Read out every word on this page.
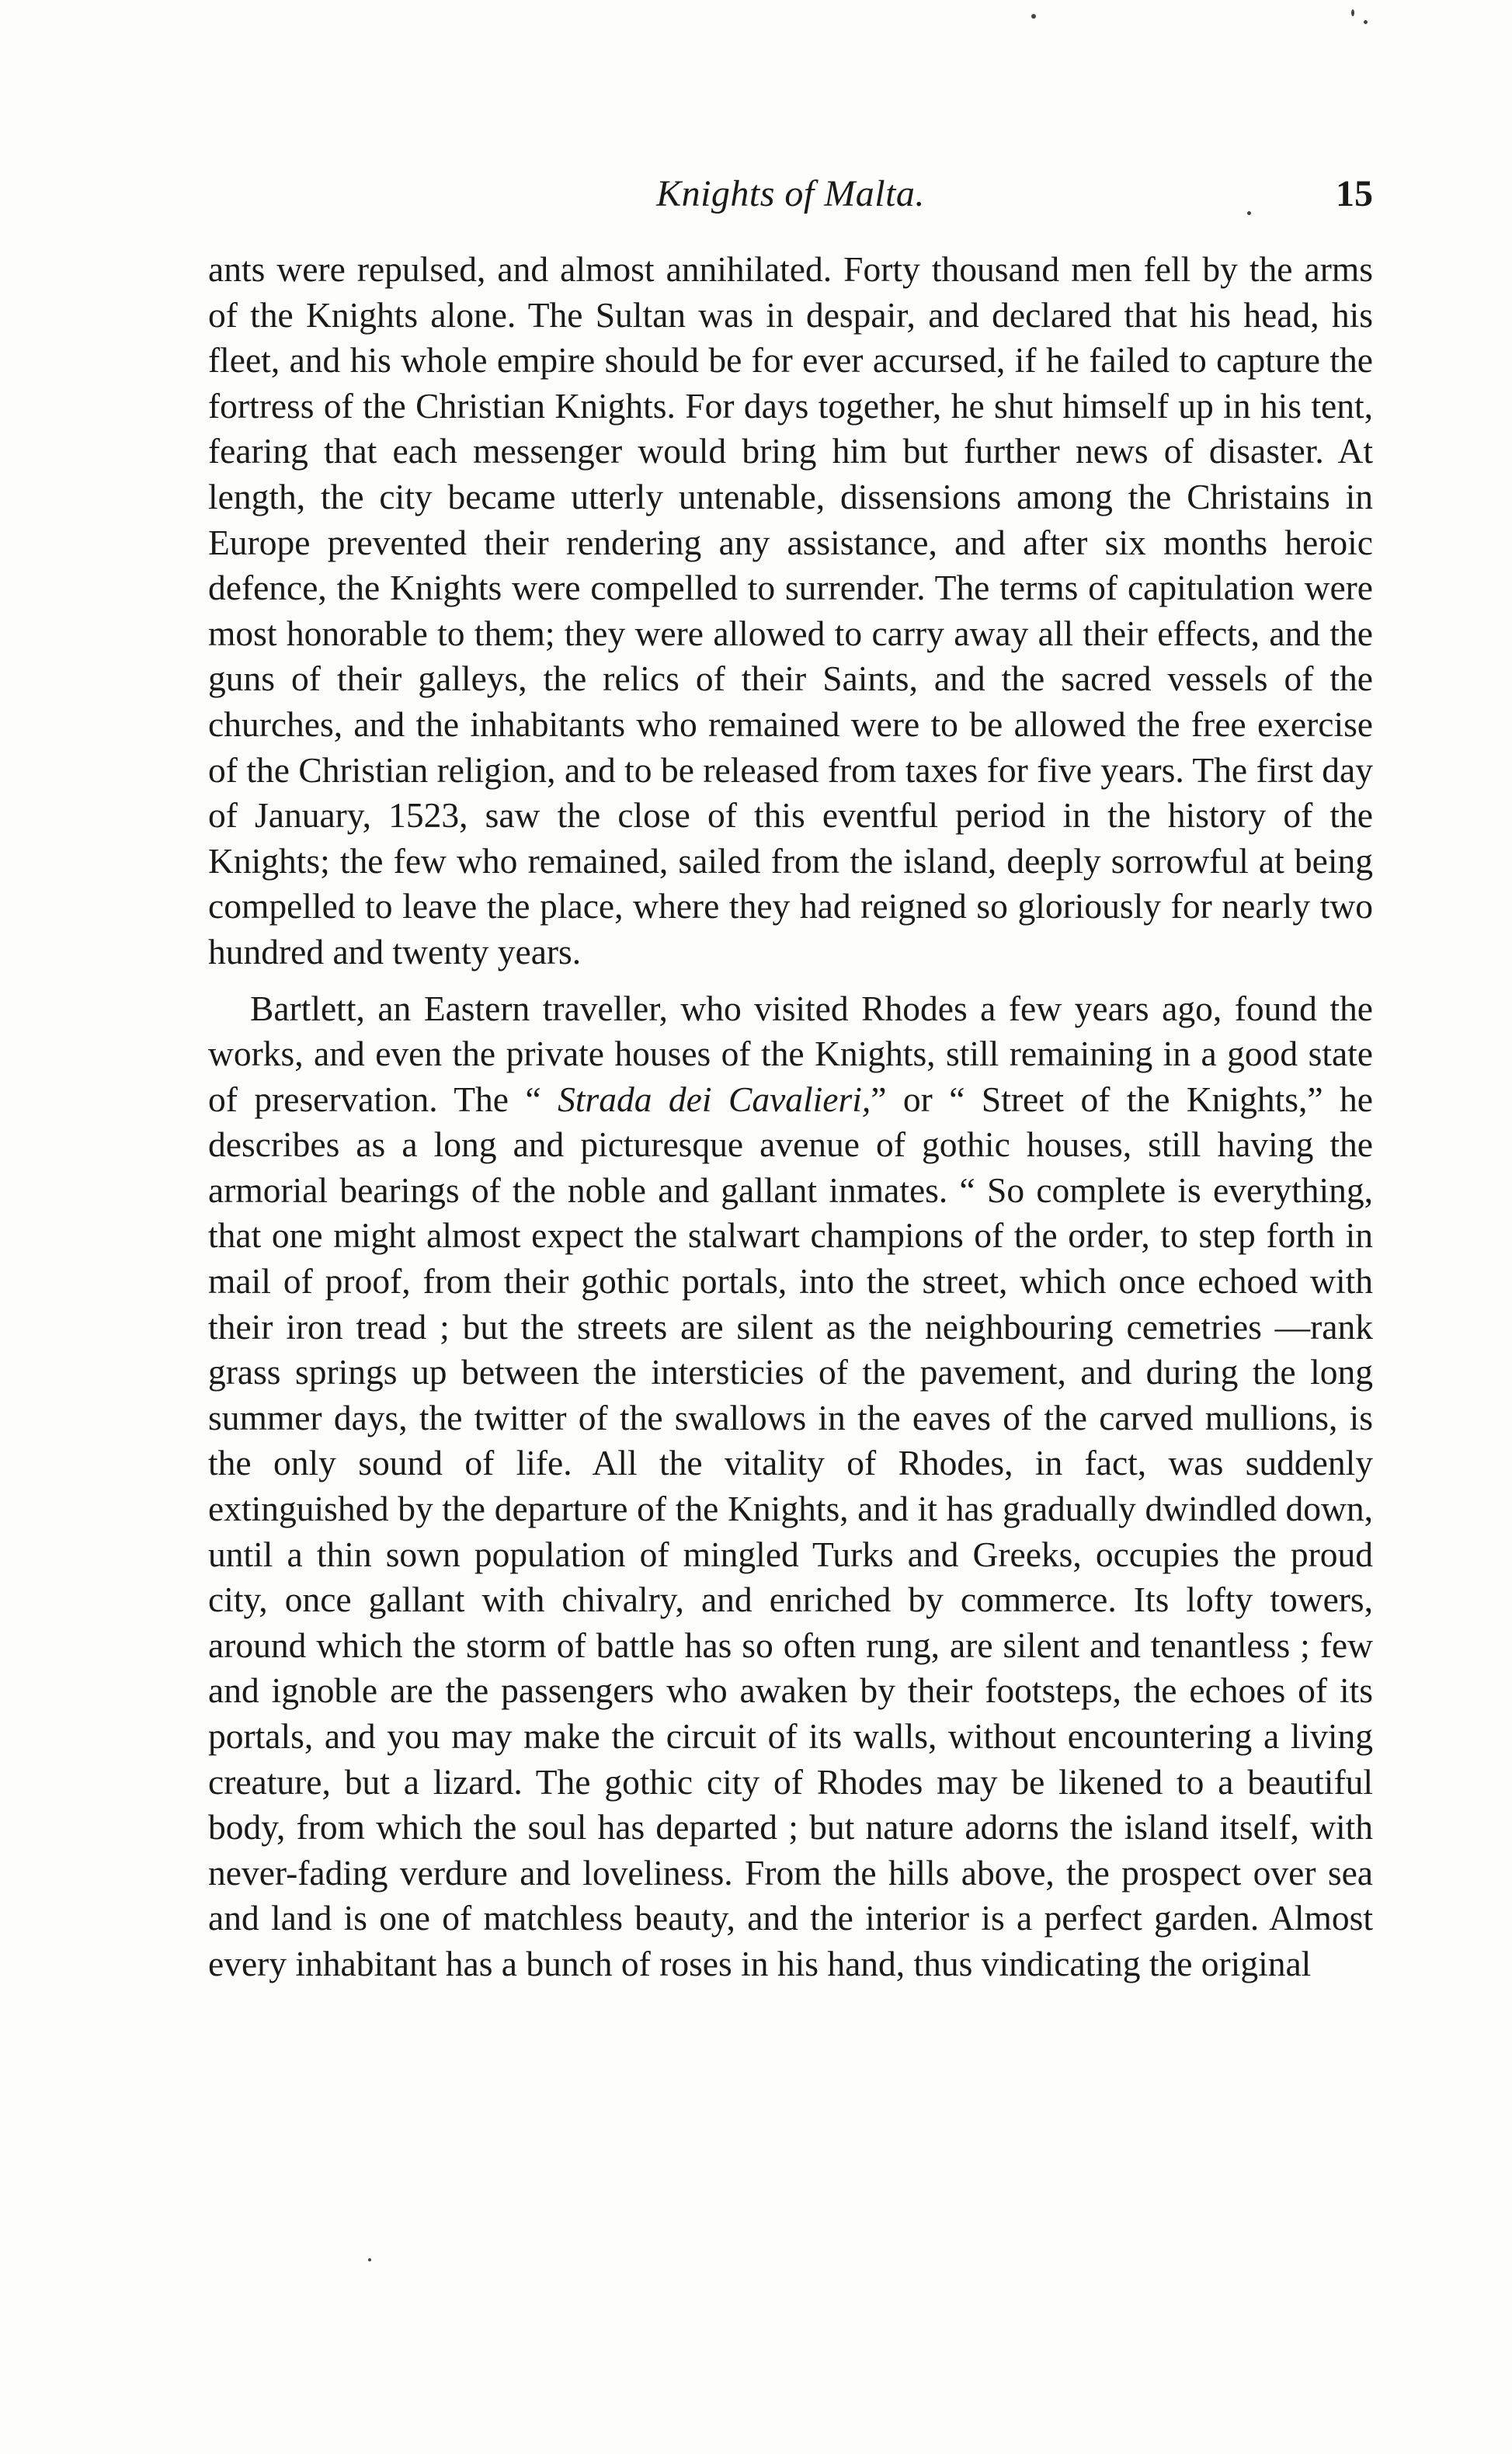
Knights of Malta.	15

ants were repulsed, and almost annihilated. Forty thousand men fell by the arms of the Knights alone. The Sultan was in despair, and declared that his head, his fleet, and his whole empire should be for ever accursed, if he failed to capture the fortress of the Christian Knights. For days together, he shut himself up in his tent, fearing that each messenger would bring him but further news of disaster. At length, the city became utterly untenable, dissensions among the Christains in Europe prevented their rendering any assistance, and after six months heroic defence, the Knights were compelled to surrender. The terms of capitulation were most honorable to them; they were allowed to carry away all their effects, and the guns of their galleys, the relics of their Saints, and the sacred vessels of the churches, and the inhabitants who remained were to be allowed the free exercise of the Christian religion, and to be released from taxes for five years. The first day of January, 1523, saw the close of this eventful period in the history of the Knights; the few who remained, sailed from the island, deeply sorrowful at being compelled to leave the place, where they had reigned so gloriously for nearly two hundred and twenty years.

Bartlett, an Eastern traveller, who visited Rhodes a few years ago, found the works, and even the private houses of the Knights, still remaining in a good state of preservation. The “ Strada dei Cavalieri,” or “ Street of the Knights,” he describes as a long and picturesque avenue of gothic houses, still having the armorial bearings of the noble and gallant inmates. “ So complete is everything, that one might almost expect the stalwart champions of the order, to step forth in mail of proof, from their gothic portals, into the street, which once echoed with their iron tread ; but the streets are silent as the neighbouring cemetries —rank grass springs up between the intersticies of the pavement, and during the long summer days, the twitter of the swallows in the eaves of the carved mullions, is the only sound of life. All the vitality of Rhodes, in fact, was suddenly extinguished by the departure of the Knights, and it has gradually dwindled down, until a thin sown population of mingled Turks and Greeks, occupies the proud city, once gallant with chivalry, and enriched by commerce. Its lofty towers, around which the storm of battle has so often rung, are silent and tenantless ; few and ignoble are the passengers who awaken by their footsteps, the echoes of its portals, and you may make the circuit of its walls, without encountering a living creature, but a lizard. The gothic city of Rhodes may be likened to a beautiful body, from which the soul has departed ; but nature adorns the island itself, with never-fading verdure and loveliness. From the hills above, the prospect over sea and land is one of matchless beauty, and the interior is a perfect garden. Almost every inhabitant has a bunch of roses in his hand, thus vindicating the original
